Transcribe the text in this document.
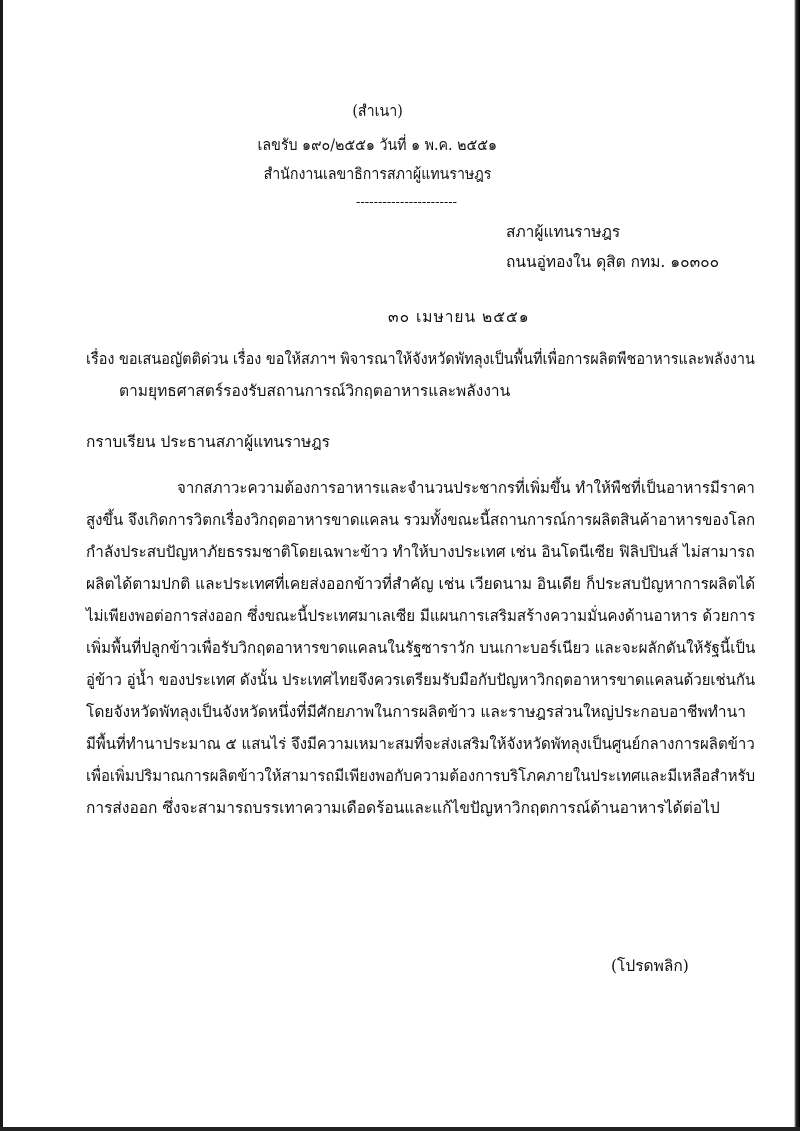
(สำเนา)
เลขรับ ๑๙๐/๒๕๕๑ วันที่ ๑ พ.ค. ๒๕๕๑
สำนักงานเลขาธิการสภาผู้แทนราษฎร
-----------------------
สภาผู้แทนราษฎร
ถนนอู่ทองใน ดุสิต กทม. ๑๐๓๐๐
๓๐ เมษายน ๒๕๕๑
เรื่อง ขอเสนอญัตติด่วน เรื่อง ขอให้สภาฯ พิจารณาให้จังหวัดพัทลุงเป็นพื้นที่เพื่อการผลิตพืชอาหารและพลังงาน
ตามยุทธศาสตร์รองรับสถานการณ์วิกฤตอาหารและพลังงาน
กราบเรียน ประธานสภาผู้แทนราษฎร
จากสภาวะความต้องการอาหารและจำนวนประชากรที่เพิ่มขึ้น ทำให้พืชที่เป็นอาหารมีราคา
สูงขึ้น จึงเกิดการวิตกเรื่องวิกฤตอาหารขาดแคลน รวมทั้งขณะนี้สถานการณ์การผลิตสินค้าอาหารของโลก
กำลังประสบปัญหาภัยธรรมชาติโดยเฉพาะข้าว ทำให้บางประเทศ เช่น อินโดนีเซีย ฟิลิปปินส์ ไม่สามารถ
ผลิตได้ตามปกติ และประเทศที่เคยส่งออกข้าวที่สำคัญ เช่น เวียดนาม อินเดีย ก็ประสบปัญหาการผลิตได้
ไม่เพียงพอต่อการส่งออก ซึ่งขณะนี้ประเทศมาเลเซีย มีแผนการเสริมสร้างความมั่นคงด้านอาหาร ด้วยการ
เพิ่มพื้นที่ปลูกข้าวเพื่อรับวิกฤตอาหารขาดแคลนในรัฐซาราวัก บนเกาะบอร์เนียว และจะผลักดันให้รัฐนี้เป็น
อู่ข้าว อู่น้ำ ของประเทศ ดังนั้น ประเทศไทยจึงควรเตรียมรับมือกับปัญหาวิกฤตอาหารขาดแคลนด้วยเช่นกัน
โดยจังหวัดพัทลุงเป็นจังหวัดหนึ่งที่มีศักยภาพในการผลิตข้าว และราษฎรส่วนใหญ่ประกอบอาชีพทำนา
มีพื้นที่ทำนาประมาณ ๕ แสนไร่ จึงมีความเหมาะสมที่จะส่งเสริมให้จังหวัดพัทลุงเป็นศูนย์กลางการผลิตข้าว
เพื่อเพิ่มปริมาณการผลิตข้าวให้สามารถมีเพียงพอกับความต้องการบริโภคภายในประเทศและมีเหลือสำหรับ
การส่งออก ซึ่งจะสามารถบรรเทาความเดือดร้อนและแก้ไขปัญหาวิกฤตการณ์ด้านอาหารได้ต่อไป
(โปรดพลิก)
